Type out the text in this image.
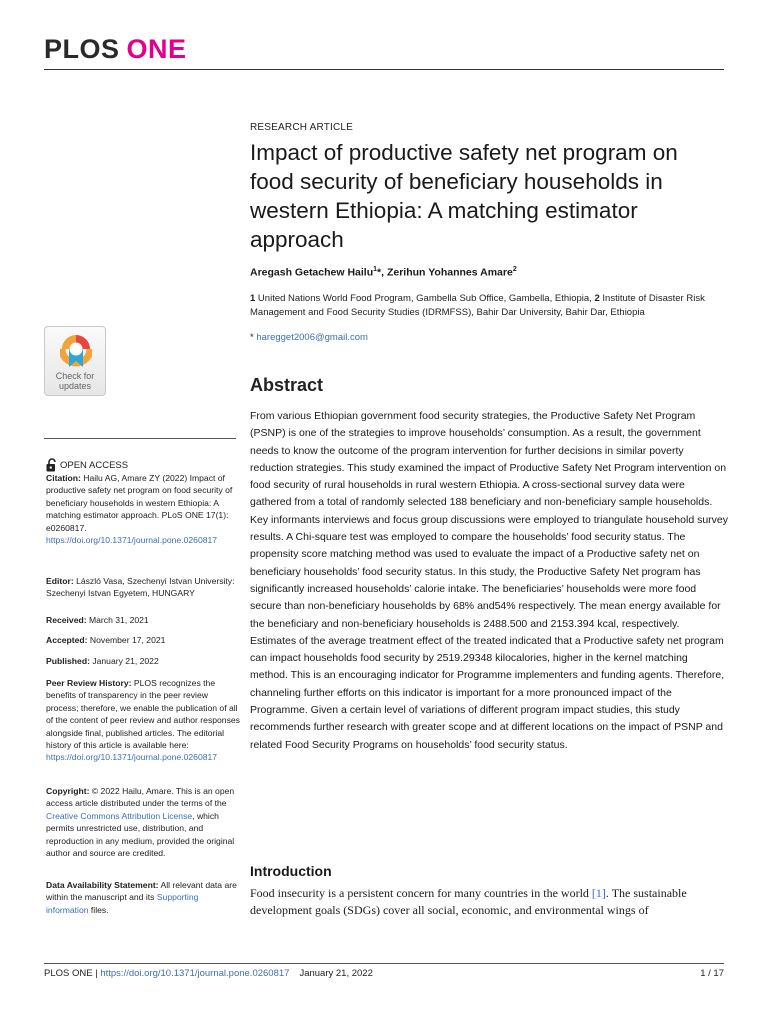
PLOS ONE
RESEARCH ARTICLE
Impact of productive safety net program on food security of beneficiary households in western Ethiopia: A matching estimator approach
Aregash Getachew Hailu$^1$*, Zerihun Yohannes Amare$^2$
1 United Nations World Food Program, Gambella Sub Office, Gambella, Ethiopia, 2 Institute of Disaster Risk Management and Food Security Studies (IDRMFSS), Bahir Dar University, Bahir Dar, Ethiopia
* haregget2006@gmail.com
Check for
updates
OPEN ACCESS
Citation: Hailu AG, Amare ZY (2022) Impact of productive safety net program on food security of beneficiary households in western Ethiopia: A matching estimator approach. PLoS ONE 17(1): e0260817. https://doi.org/10.1371/journal.pone.0260817
Editor: László Vasa, Szechenyi Istvan University: Szechenyi Istvan Egyetem, HUNGARY
Received: March 31, 2021
Accepted: November 17, 2021
Published: January 21, 2022
Peer Review History: PLOS recognizes the benefits of transparency in the peer review process; therefore, we enable the publication of all of the content of peer review and author responses alongside final, published articles. The editorial history of this article is available here: https://doi.org/10.1371/journal.pone.0260817
Copyright: © 2022 Hailu, Amare. This is an open access article distributed under the terms of the Creative Commons Attribution License, which permits unrestricted use, distribution, and reproduction in any medium, provided the original author and source are credited.
Data Availability Statement: All relevant data are within the manuscript and its Supporting information files.
Abstract

From various Ethiopian government food security strategies, the Productive Safety Net Program (PSNP) is one of the strategies to improve households’ consumption. As a result, the government needs to know the outcome of the program intervention for further decisions in similar poverty reduction strategies. This study examined the impact of Productive Safety Net Program intervention on food security of rural households in rural western Ethiopia. A cross-sectional survey data were gathered from a total of randomly selected 188 beneficiary and non-beneficiary sample households. Key informants interviews and focus group discussions were employed to triangulate household survey results. A Chi-square test was employed to compare the households’ food security status. The propensity score matching method was used to evaluate the impact of a Productive safety net on beneficiary households’ food security status. In this study, the Productive Safety Net program has significantly increased households’ calorie intake. The beneficiaries’ households were more food secure than non-beneficiary households by 68% and54% respectively. The mean energy available for the beneficiary and non-beneficiary households is 2488.500 and 2153.394 kcal, respectively. Estimates of the average treatment effect of the treated indicated that a Productive safety net program can impact households food security by 2519.29348 kilocalories, higher in the kernel matching method. This is an encouraging indicator for Programme implementers and funding agents. Therefore, channeling further efforts on this indicator is important for a more pronounced impact of the Programme. Given a certain level of variations of different program impact studies, this study recommends further research with greater scope and at different locations on the impact of PSNP and related Food Security Programs on households’ food security status.

Introduction

Food insecurity is a persistent concern for many countries in the world [1]. The sustainable development goals (SDGs) cover all social, economic, and environmental wings of

PLOS ONE | https://doi.org/10.1371/journal.pone.0260817 January 21, 2022	1 / 17
